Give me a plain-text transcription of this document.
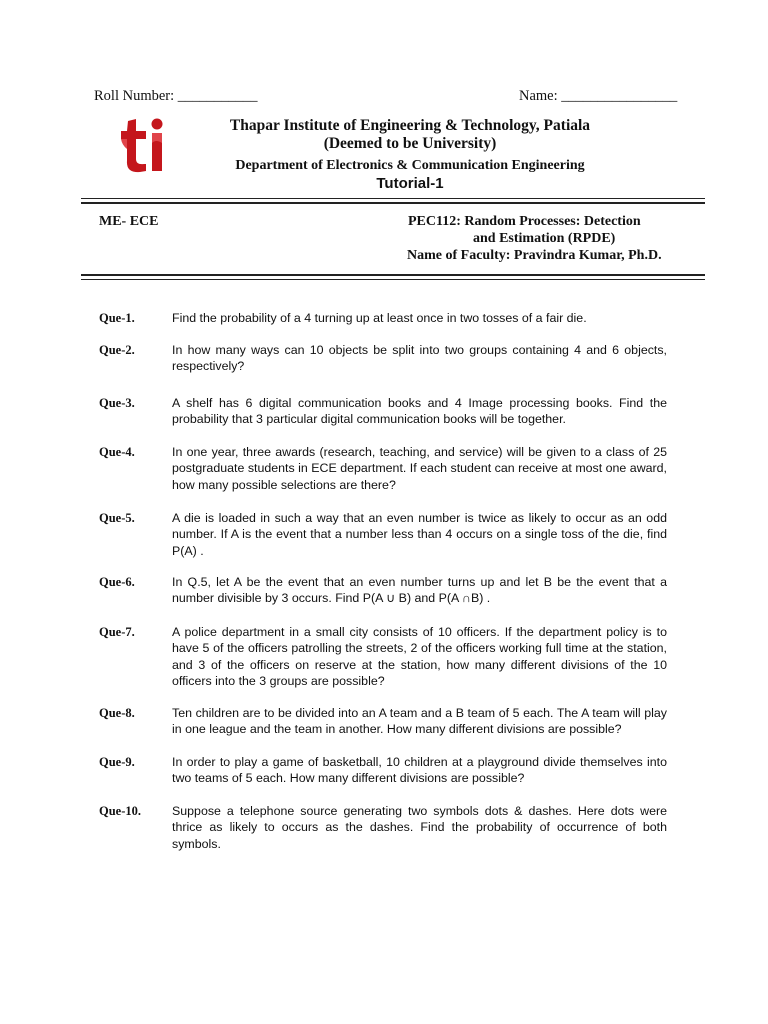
Roll Number: ___________	Name: ________________
Thapar Institute of Engineering & Technology, Patiala
(Deemed to be University)
Department of Electronics & Communication Engineering
Tutorial-1
ME- ECE	PEC112: Random Processes: Detection
and Estimation (RPDE)
Name of Faculty: Pravindra Kumar, Ph.D.
Que-1.	Find the probability of a 4 turning up at least once in two tosses of a fair die.
Que-2.	In how many ways can 10 objects be split into two groups containing 4 and 6 objects, respectively?
Que-3.	A shelf has 6 digital communication books and 4 Image processing books. Find the probability that 3 particular digital communication books will be together.
Que-4.	In one year, three awards (research, teaching, and service) will be given to a class of 25 postgraduate students in ECE department. If each student can receive at most one award, how many possible selections are there?
Que-5.	A die is loaded in such a way that an even number is twice as likely to occur as an odd number. If A is the event that a number less than 4 occurs on a single toss of the die, find P(A) .
Que-6.	In Q.5, let A be the event that an even number turns up and let B be the event that a number divisible by 3 occurs. Find P(A ∪ B) and P(A ∩B) .
Que-7.	A police department in a small city consists of 10 officers. If the department policy is to have 5 of the officers patrolling the streets, 2 of the officers working full time at the station, and 3 of the officers on reserve at the station, how many different divisions of the 10 officers into the 3 groups are possible?
Que-8.	Ten children are to be divided into an A team and a B team of 5 each. The A team will play in one league and the team in another. How many different divisions are possible?
Que-9.	In order to play a game of basketball, 10 children at a playground divide themselves into two teams of 5 each. How many different divisions are possible?
Que-10. Suppose a telephone source generating two symbols dots & dashes. Here dots were thrice as likely to occurs as the dashes. Find the probability of occurrence of both symbols.
